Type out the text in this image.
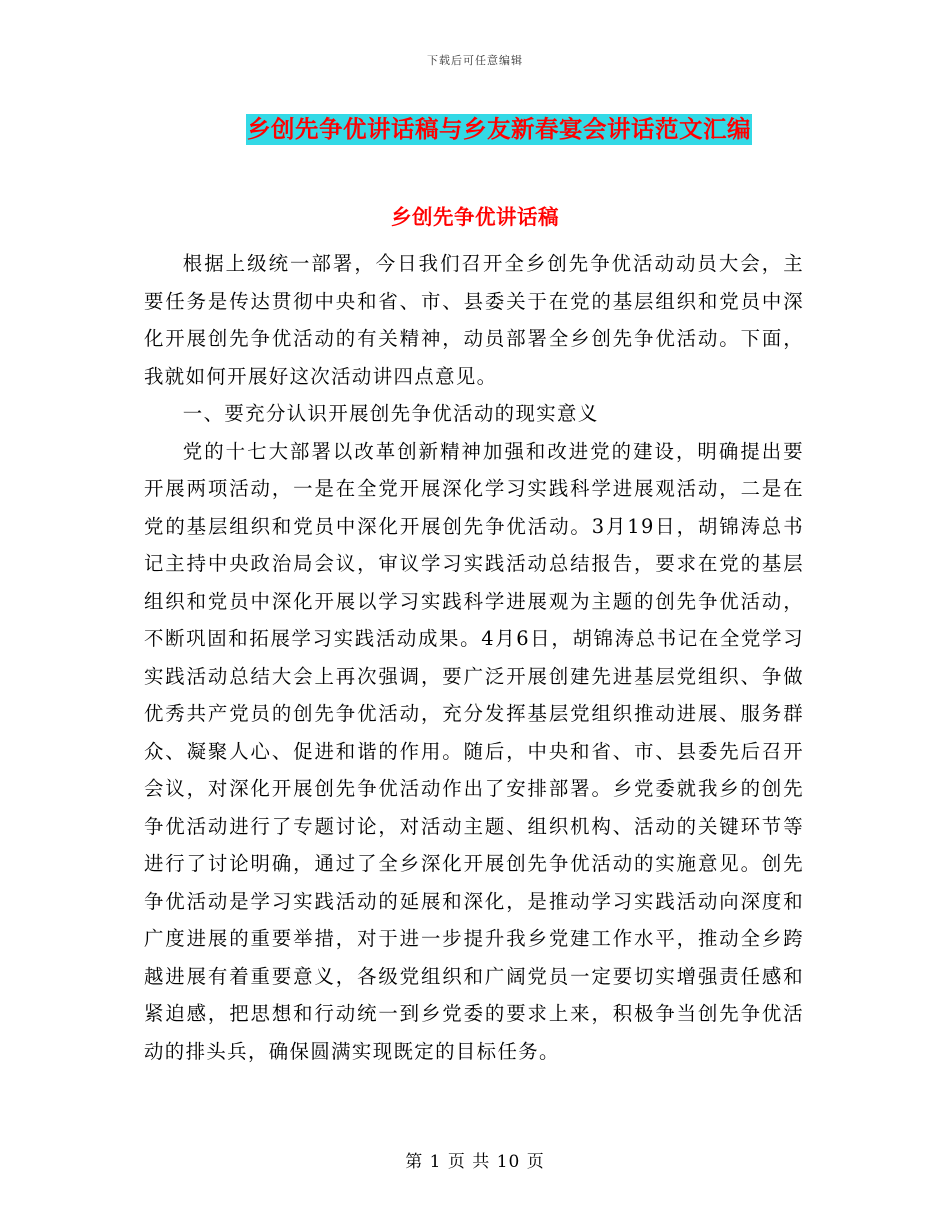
下载后可任意编辑
乡创先争优讲话稿与乡友新春宴会讲话范文汇编
乡创先争优讲话稿

根据上级统一部署，今日我们召开全乡创先争优活动动员大会，主要任务是传达贯彻中央和省、市、县委关于在党的基层组织和党员中深化开展创先争优活动的有关精神，动员部署全乡创先争优活动。下面，我就如何开展好这次活动讲四点意见。

一、要充分认识开展创先争优活动的现实意义

党的十七大部署以改革创新精神加强和改进党的建设，明确提出要开展两项活动，一是在全党开展深化学习实践科学进展观活动，二是在党的基层组织和党员中深化开展创先争优活动。3月19日，胡锦涛总书记主持中央政治局会议，审议学习实践活动总结报告，要求在党的基层组织和党员中深化开展以学习实践科学进展观为主题的创先争优活动，不断巩固和拓展学习实践活动成果。4月6日，胡锦涛总书记在全党学习实践活动总结大会上再次强调，要广泛开展创建先进基层党组织、争做优秀共产党员的创先争优活动，充分发挥基层党组织推动进展、服务群众、凝聚人心、促进和谐的作用。随后，中央和省、市、县委先后召开会议，对深化开展创先争优活动作出了安排部署。乡党委就我乡的创先争优活动进行了专题讨论，对活动主题、组织机构、活动的关键环节等进行了讨论明确，通过了全乡深化开展创先争优活动的实施意见。创先争优活动是学习实践活动的延展和深化，是推动学习实践活动向深度和广度进展的重要举措，对于进一步提升我乡党建工作水平，推动全乡跨越进展有着重要意义，各级党组织和广阔党员一定要切实增强责任感和紧迫感，把思想和行动统一到乡党委的要求上来，积极争当创先争优活动的排头兵，确保圆满实现既定的目标任务。

第 1 页 共 10 页
